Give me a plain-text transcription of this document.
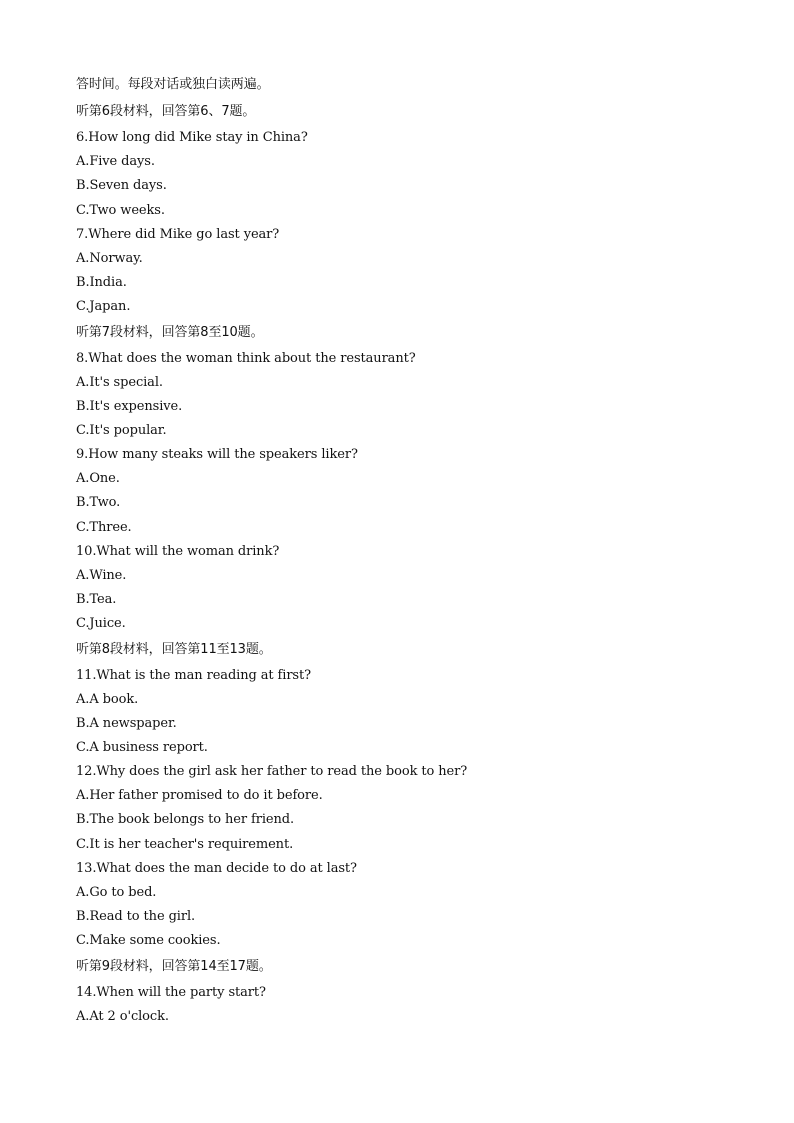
答时间。每段对话或独白读两遍。
听第6段材料，回答第6、7题。
6.How long did Mike stay in China?
A.Five days.
B.Seven days.
C.Two weeks.
7.Where did Mike go last year?
A.Norway.
B.India.
C.Japan.
听第7段材料，回答第8至10题。
8.What does the woman think about the restaurant?
A.It's special.
B.It's expensive.
C.It's popular.
9.How many steaks will the speakers liker?
A.One.
B.Two.
C.Three.
10.What will the woman drink?
A.Wine.
B.Tea.
C.Juice.
听第8段材料，回答第11至13题。
11.What is the man reading at first?
A.A book.
B.A newspaper.
C.A business report.
12.Why does the girl ask her father to read the book to her?
A.Her father promised to do it before.
B.The book belongs to her friend.
C.It is her teacher's requirement.
13.What does the man decide to do at last?
A.Go to bed.
B.Read to the girl.
C.Make some cookies.
听第9段材料，回答第14至17题。
14.When will the party start?
A.At 2 o'clock.
